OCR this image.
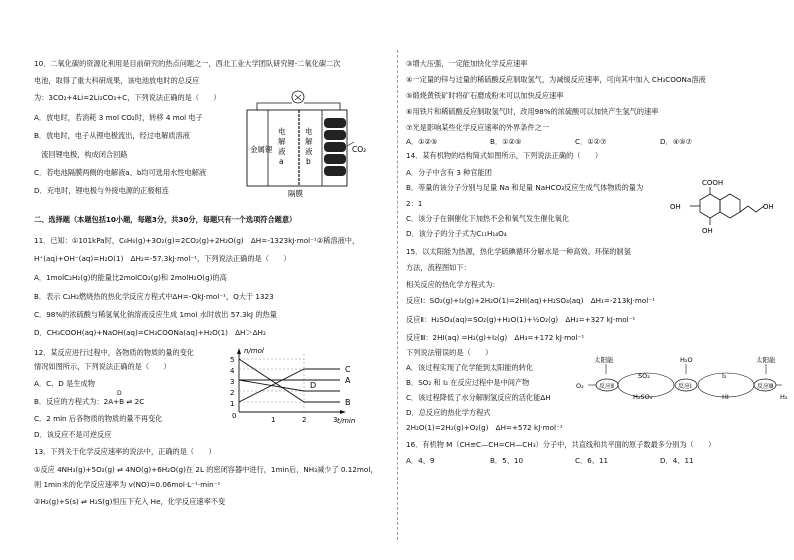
10．二氧化碳的资源化利用是目前研究的热点问题之一，西北工业大学团队研究锂-二氧化碳二次
电池，取得了重大科研成果，该电池放电时的总反应
为：3CO₂+4Li=2Li₂CO₃+C，下列说法正确的是（　　）
A．放电时，若消耗 3 mol CO₂时，转移 4 mol 电子
B．放电时，电子从锂电极流出，经过电解质溶液
　流回锂电极，构成闭合回路
C．若电池隔膜两侧的电解液a、b均可选用水性电解液
D．充电时，锂电极与外接电源的正极相连
金属锂
电
解
液
a
电
解
液
b
CO₂
隔膜
二、选择题（本题包括10小题，每题3分，共30分，每题只有一个选项符合题意）
11．已知：①101kPa时，C₆H₆(g)+3O₂(g)=2CO₂(g)+2H₂O(g)　ΔH=-1323kJ·mol⁻¹②稀溶液中，
H⁺(aq)+OH⁻(aq)=H₂O(1)　ΔH₂=-57.3kJ·mol⁻¹，下列说法正确的是（　　）
A．1molC₂H₂(g)的能量比2molCO₂(g)和 2molH₂O(g)的高
B．表示 C₂H₂燃烧热的热化学反应方程式中ΔH=-QkJ·mol⁻¹，Q大于 1323
C．98%的浓硫酸与稀氢氧化钠溶液反应生成 1mol 水时放出 57.3kJ 的热量
D．CH₃COOH(aq)+NaOH(aq)=CH₃COONa(aq)+H₂O(1)　ΔH＞ΔH₂
12．某反应进行过程中，各物质的物质的量的变化
情况如图所示，下列说法正确的是（　　）
A．C、D 是生成物
B．反应的方程式为：2A+B ⇌ 2C
D
C．2 min 后各物质的物质的量不再变化
D．该反应不是可逆反应
n/mol
t/min
5
4
3
2
1
0	1	2	3
C
A
D
B
13．下列关于化学反应速率的说法中，正确的是（　　）
①反应 4NH₃(g)+5O₂(g) ⇌ 4NO(g)+6H₂O(g)在 2L 的密闭容器中进行，1min后，NH₃减少了 0.12mol，
则 1min末的化学反应速率为 v(NO)=0.06mol·L⁻¹·min⁻¹
②H₂(g)+S(s) ⇌ H₂S(g)恒压下充入 He，化学反应速率不变
③增大压强，一定能加快化学反应速率
④一定量的锌与过量的稀硫酸反应制取氢气，为减缓反应速率，可向其中加入 CH₃COONa溶液
⑤煅烧黄铁矿时将矿石磨成粉末可以加快反应速率
⑥用铁片和稀硫酸反应制取氢气时，改用98%的浓硫酸可以加快产生氢气的速率
⑦光是影响某些化学反应速率的外界条件之一
A．①②⑤	B．①②⑤	C．①②⑦	D．④⑤⑦
14．某有机物的结构简式如图所示，下列说法正确的（　　）
A．分子中含有 3 种官能团
B．等量的该分子分别与足量 Na 和足量 NaHCO₃反应生成气体物质的量为
2：1
C．该分子在铜催化下加热不会和氧气发生催化氧化
D．该分子的分子式为C₁₁H₁₄O₄
COOH
OH
OH
OH
15．以太阳能为热源，热化学硫碘循环分解水是一种高效、环保的制氢
方法，流程图如下：
相关反应的热化学方程式为：
反应Ⅰ：SO₂(g)+I₂(g)+2H₂O(1)=2HI(aq)+H₂SO₄(aq)　ΔH₁=-213kJ·mol⁻¹
反应Ⅱ：H₂SO₄(aq)=SO₂(g)+H₂O(1)+½O₂(g)　ΔH₂=+327 kJ·mol⁻¹
反应Ⅲ：2HI(aq) =H₂(g)+I₂(g)　ΔH₃=+172 kJ·mol⁻¹
下列说法错误的是（　　）
A．该过程实现了化学能到太阳能的转化
B．SO₂ 和 I₂ 在反应过程中是中间产物
C．该过程降低了水分解制氢反应的活化能ΔH
D．总反应的热化学方程式
2H₂O(1)=2H₂(g)+O₂(g)　ΔH=+572 kJ·mol⁻¹
太阳能	太阳能
H₂O
O₂	反应Ⅱ	反应Ⅰ	反应Ⅲ
SO₂
H₂SO₄
I₂
HI	H₂
16．有机物 M（CH≡C—CH=CH—CH₃）分子中，共直线和共平面的原子数最多分别为（　　）
A．4、9	B．5、10	C．6、11	D．4、11
